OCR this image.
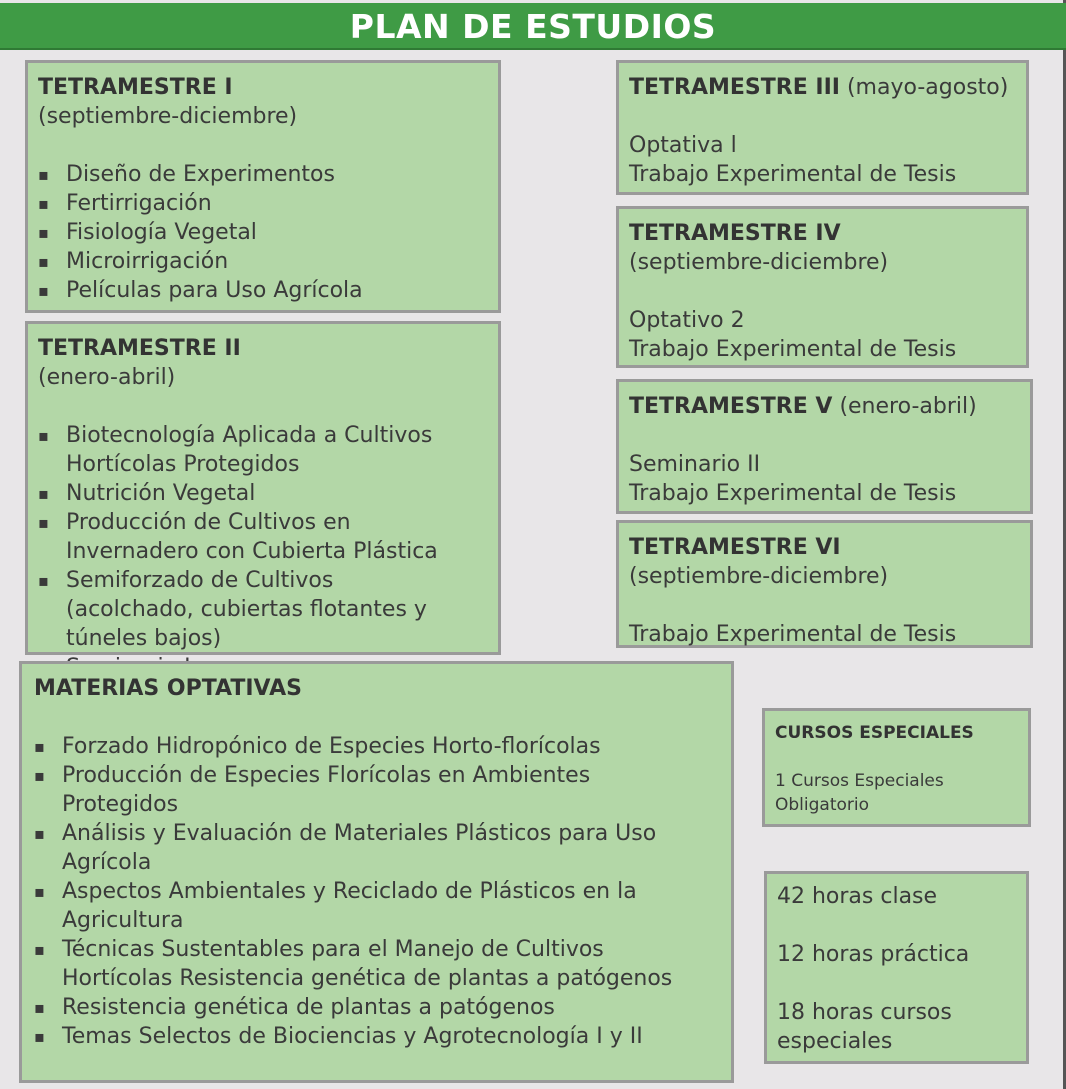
PLAN DE ESTUDIOS
TETRAMESTRE I
(septiembre-diciembre)
▪ Diseño de Experimentos
▪ Fertirrigación
▪ Fisiología Vegetal
▪ Microirrigación
▪ Películas para Uso Agrícola
TETRAMESTRE II
(enero-abril)
▪ Biotecnología Aplicada a Cultivos Hortícolas Protegidos
▪ Nutrición Vegetal
▪ Producción de Cultivos en Invernadero con Cubierta Plástica
▪ Semiforzado de Cultivos (acolchado, cubiertas flotantes y túneles bajos)
▪
TETRAMESTRE III (mayo-agosto)
Optativa l
Trabajo Experimental de Tesis
TETRAMESTRE IV
(septiembre-diciembre)
Optativo 2
Trabajo Experimental de Tesis
TETRAMESTRE V (enero-abril)
Seminario II
Trabajo Experimental de Tesis
TETRAMESTRE VI
(septiembre-diciembre)
Trabajo Experimental de Tesis
MATERIAS OPTATIVAS
▪ Forzado Hidropónico de Especies Horto-florícolas
▪ Producción de Especies Florícolas en Ambientes Protegidos
▪ Análisis y Evaluación de Materiales Plásticos para Uso Agrícola
▪ Aspectos Ambientales y Reciclado de Plásticos en la Agricultura
▪ Técnicas Sustentables para el Manejo de Cultivos Hortícolas Resistencia genética de plantas a patógenos
▪ Resistencia genética de plantas a patógenos
▪ Temas Selectos de Biociencias y Agrotecnología I y II
CURSOS ESPECIALES
1 Cursos Especiales
Obligatorio
42 horas clase
12 horas práctica
18 horas cursos especiales
